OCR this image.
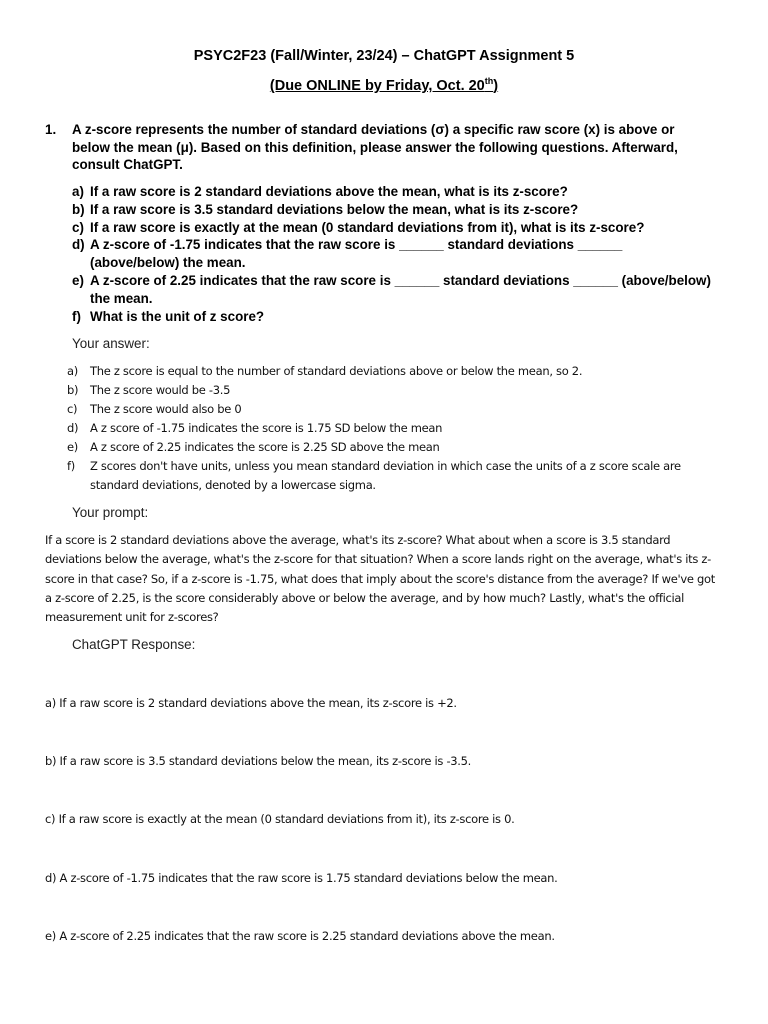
PSYC2F23 (Fall/Winter, 23/24) – ChatGPT Assignment 5
(Due ONLINE by Friday, Oct. 20th)
1. A z-score represents the number of standard deviations (σ) a specific raw score (x) is above or below the mean (μ). Based on this definition, please answer the following questions. Afterward, consult ChatGPT.
a) If a raw score is 2 standard deviations above the mean, what is its z-score?
b) If a raw score is 3.5 standard deviations below the mean, what is its z-score?
c) If a raw score is exactly at the mean (0 standard deviations from it), what is its z-score?
d) A z-score of -1.75 indicates that the raw score is ______ standard deviations ______ (above/below) the mean.
e) A z-score of 2.25 indicates that the raw score is ______ standard deviations ______ (above/below) the mean.
f) What is the unit of z score?
Your answer:
a)	The z score is equal to the number of standard deviations above or below the mean, so 2.
b)	The z score would be -3.5
c)	The z score would also be 0
d)	A z score of -1.75 indicates the score is 1.75 SD below the mean
e)	A z score of 2.25 indicates the score is 2.25 SD above the mean
f)	Z scores don't have units, unless you mean standard deviation in which case the units of a z score scale are standard deviations, denoted by a lowercase sigma.
Your prompt:
If a score is 2 standard deviations above the average, what's its z-score? What about when a score is 3.5 standard deviations below the average, what's the z-score for that situation? When a score lands right on the average, what's its z-score in that case? So, if a z-score is -1.75, what does that imply about the score's distance from the average? If we've got a z-score of 2.25, is the score considerably above or below the average, and by how much? Lastly, what's the official measurement unit for z-scores?
ChatGPT Response:
a) If a raw score is 2 standard deviations above the mean, its z-score is +2.
b) If a raw score is 3.5 standard deviations below the mean, its z-score is -3.5.
c) If a raw score is exactly at the mean (0 standard deviations from it), its z-score is 0.
d) A z-score of -1.75 indicates that the raw score is 1.75 standard deviations below the mean.
e) A z-score of 2.25 indicates that the raw score is 2.25 standard deviations above the mean.
